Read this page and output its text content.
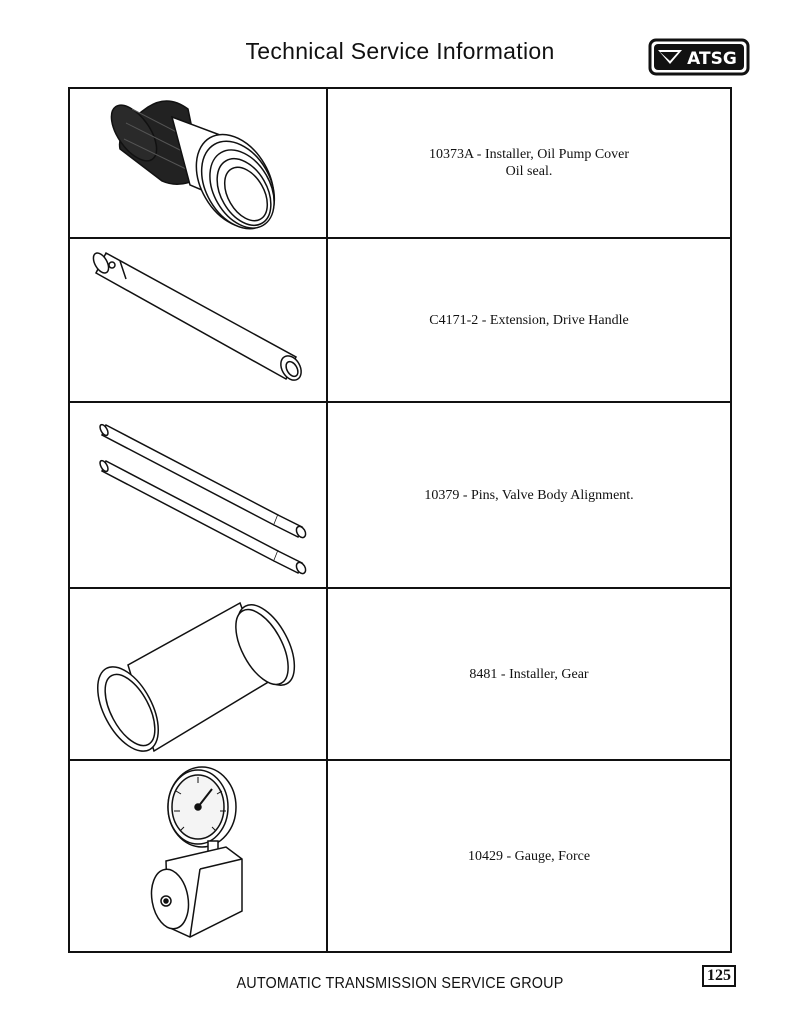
Technical Service Information	ATSG
10373A - Installer, Oil Pump Cover
Oil seal.
C4171-2 - Extension, Drive Handle
10379 - Pins, Valve Body Alignment.
8481 - Installer, Gear
10429 - Gauge, Force
AUTOMATIC TRANSMISSION SERVICE GROUP	125
